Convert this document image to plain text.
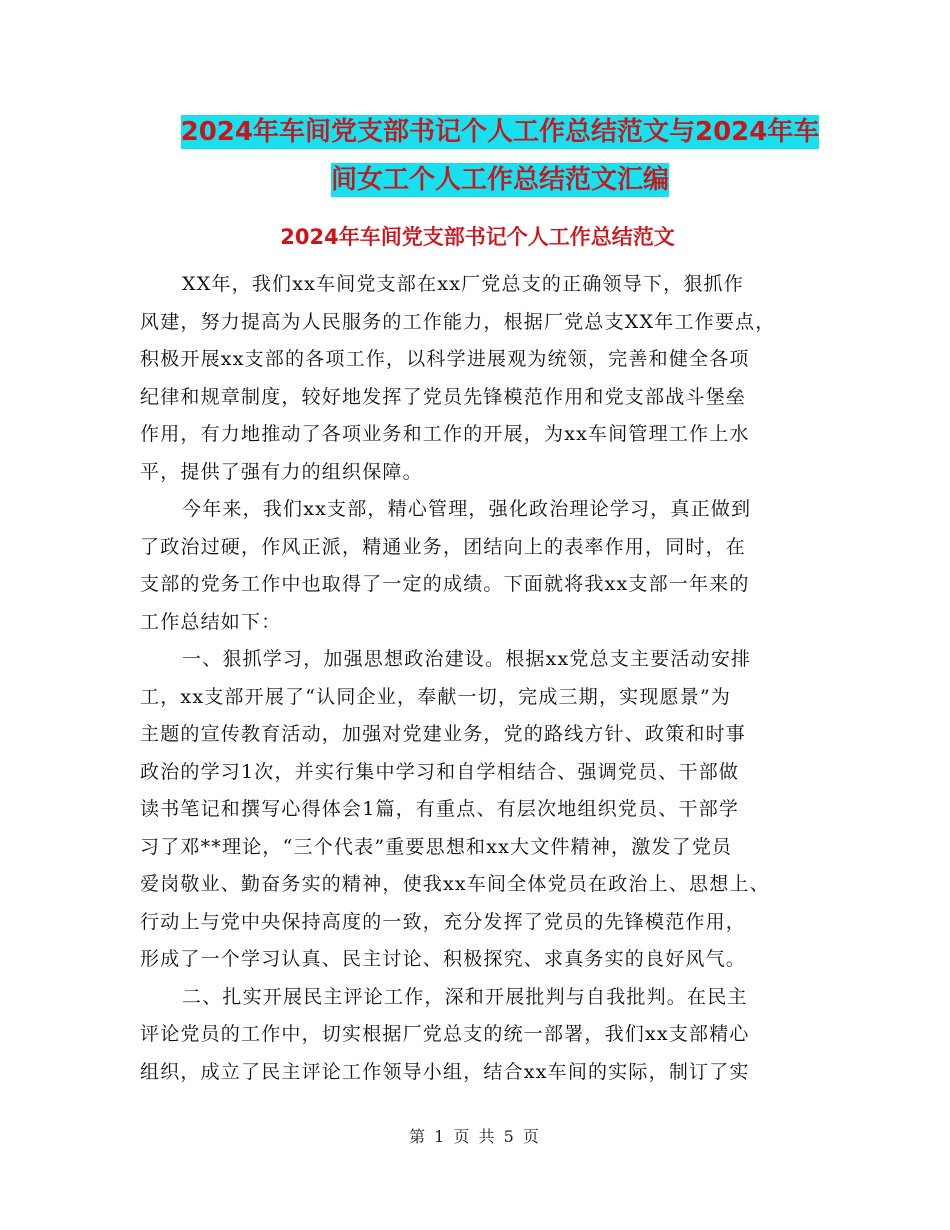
2024年车间党支部书记个人工作总结范文与2024年车
间女工个人工作总结范文汇编
2024年车间党支部书记个人工作总结范文
XX年，我们xx车间党支部在xx厂党总支的正确领导下，狠抓作
风建，努力提高为人民服务的工作能力，根据厂党总支XX年工作要点，
积极开展xx支部的各项工作，以科学进展观为统领，完善和健全各项
纪律和规章制度，较好地发挥了党员先锋模范作用和党支部战斗堡垒
作用，有力地推动了各项业务和工作的开展，为xx车间管理工作上水
平，提供了强有力的组织保障。
今年来，我们xx支部，精心管理，强化政治理论学习，真正做到
了政治过硬，作风正派，精通业务，团结向上的表率作用，同时，在
支部的党务工作中也取得了一定的成绩。下面就将我xx支部一年来的
工作总结如下：
一、狠抓学习，加强思想政治建设。根据xx党总支主要活动安排
工，xx支部开展了“认同企业，奉献一切，完成三期，实现愿景”为
主题的宣传教育活动，加强对党建业务，党的路线方针、政策和时事
政治的学习1次，并实行集中学习和自学相结合、强调党员、干部做
读书笔记和撰写心得体会1篇，有重点、有层次地组织党员、干部学
习了邓**理论，“三个代表”重要思想和xx大文件精神，激发了党员
爱岗敬业、勤奋务实的精神，使我xx车间全体党员在政治上、思想上、
行动上与党中央保持高度的一致，充分发挥了党员的先锋模范作用，
形成了一个学习认真、民主讨论、积极探究、求真务实的良好风气。
二、扎实开展民主评论工作，深和开展批判与自我批判。在民主
评论党员的工作中，切实根据厂党总支的统一部署，我们xx支部精心
组织，成立了民主评论工作领导小组，结合xx车间的实际，制订了实
第 1 页 共 5 页
